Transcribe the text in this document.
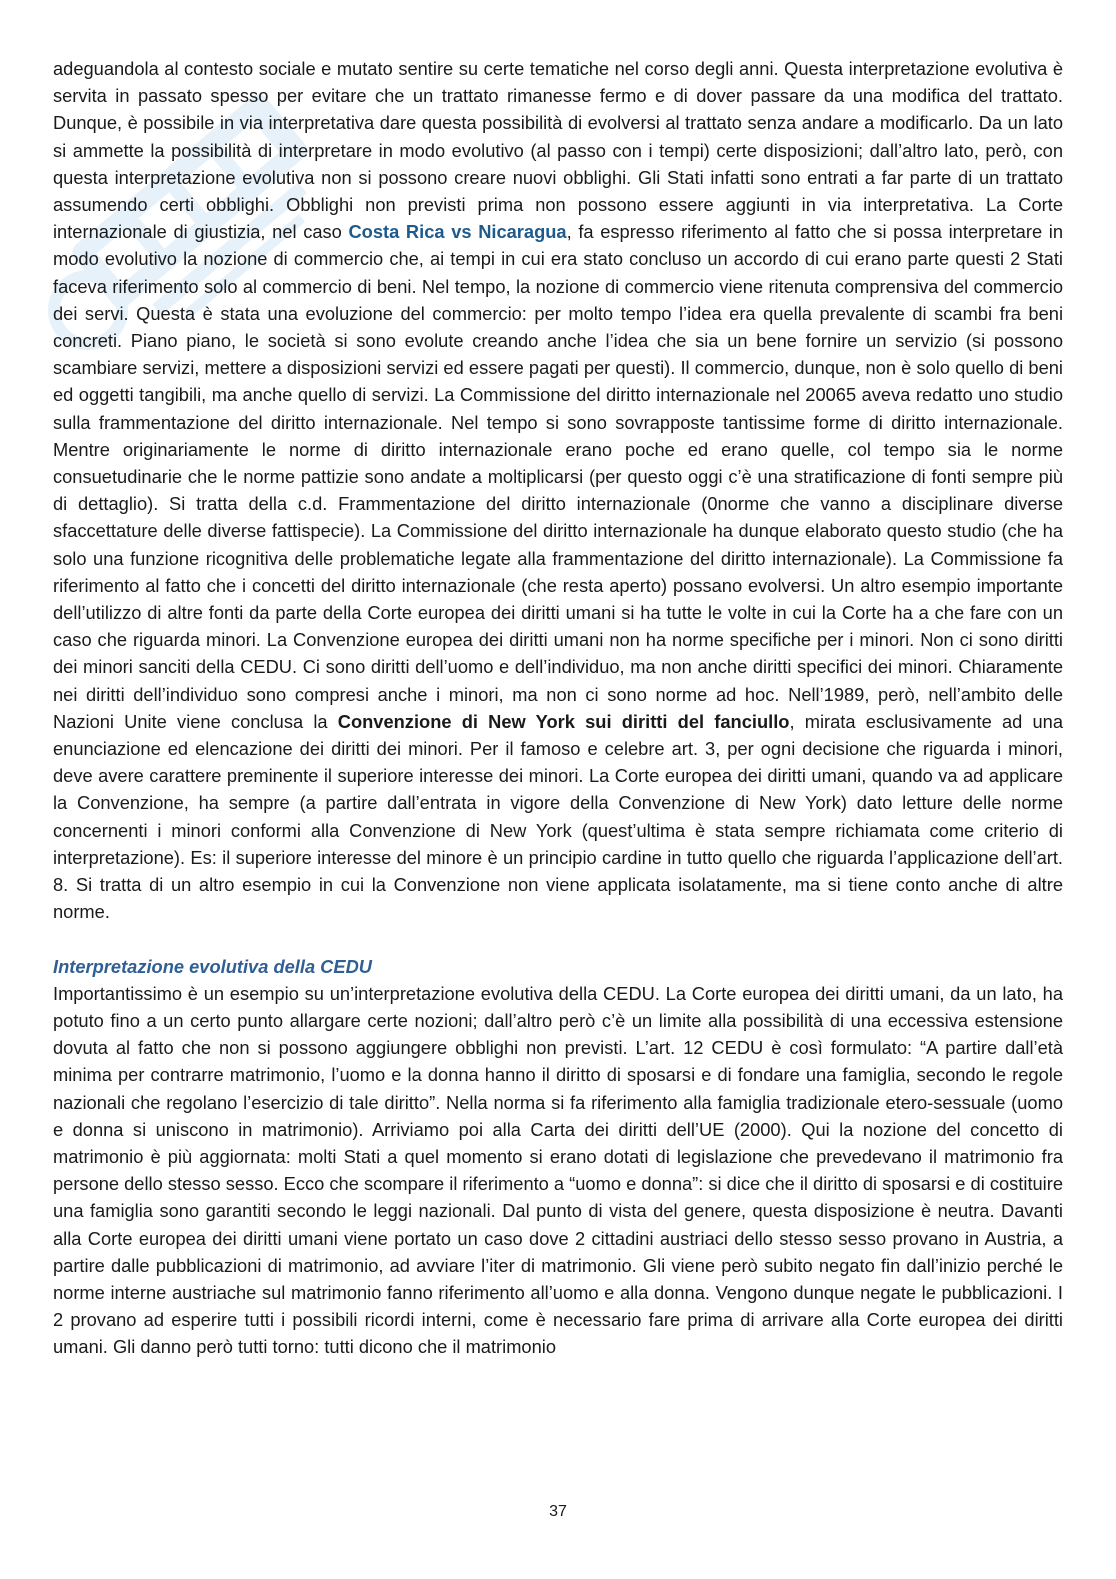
adeguandola al contesto sociale e mutato sentire su certe tematiche nel corso degli anni. Questa interpretazione evolutiva è servita in passato spesso per evitare che un trattato rimanesse fermo e di dover passare da una modifica del trattato. Dunque, è possibile in via interpretativa dare questa possibilità di evolversi al trattato senza andare a modificarlo. Da un lato si ammette la possibilità di interpretare in modo evolutivo (al passo con i tempi) certe disposizioni; dall’altro lato, però, con questa interpretazione evolutiva non si possono creare nuovi obblighi. Gli Stati infatti sono entrati a far parte di un trattato assumendo certi obblighi. Obblighi non previsti prima non possono essere aggiunti in via interpretativa. La Corte internazionale di giustizia, nel caso Costa Rica vs Nicaragua, fa espresso riferimento al fatto che si possa interpretare in modo evolutivo la nozione di commercio che, ai tempi in cui era stato concluso un accordo di cui erano parte questi 2 Stati faceva riferimento solo al commercio di beni. Nel tempo, la nozione di commercio viene ritenuta comprensiva del commercio dei servi. Questa è stata una evoluzione del commercio: per molto tempo l’idea era quella prevalente di scambi fra beni concreti. Piano piano, le società si sono evolute creando anche l’idea che sia un bene fornire un servizio (si possono scambiare servizi, mettere a disposizioni servizi ed essere pagati per questi). Il commercio, dunque, non è solo quello di beni ed oggetti tangibili, ma anche quello di servizi. La Commissione del diritto internazionale nel 20065 aveva redatto uno studio sulla frammentazione del diritto internazionale. Nel tempo si sono sovrapposte tantissime forme di diritto internazionale. Mentre originariamente le norme di diritto internazionale erano poche ed erano quelle, col tempo sia le norme consuetudinarie che le norme pattizie sono andate a moltiplicarsi (per questo oggi c’è una stratificazione di fonti sempre più di dettaglio). Si tratta della c.d. Frammentazione del diritto internazionale (0norme che vanno a disciplinare diverse sfaccettature delle diverse fattispecie). La Commissione del diritto internazionale ha dunque elaborato questo studio (che ha solo una funzione ricognitiva delle problematiche legate alla frammentazione del diritto internazionale). La Commissione fa riferimento al fatto che i concetti del diritto internazionale (che resta aperto) possano evolversi. Un altro esempio importante dell’utilizzo di altre fonti da parte della Corte europea dei diritti umani si ha tutte le volte in cui la Corte ha a che fare con un caso che riguarda minori. La Convenzione europea dei diritti umani non ha norme specifiche per i minori. Non ci sono diritti dei minori sanciti della CEDU. Ci sono diritti dell’uomo e dell’individuo, ma non anche diritti specifici dei minori. Chiaramente nei diritti dell’individuo sono compresi anche i minori, ma non ci sono norme ad hoc. Nell’1989, però, nell’ambito delle Nazioni Unite viene conclusa la Convenzione di New York sui diritti del fanciullo, mirata esclusivamente ad una enunciazione ed elencazione dei diritti dei minori. Per il famoso e celebre art. 3, per ogni decisione che riguarda i minori, deve avere carattere preminente il superiore interesse dei minori. La Corte europea dei diritti umani, quando va ad applicare la Convenzione, ha sempre (a partire dall’entrata in vigore della Convenzione di New York) dato letture delle norme concernenti i minori conformi alla Convenzione di New York (quest’ultima è stata sempre richiamata come criterio di interpretazione). Es: il superiore interesse del minore è un principio cardine in tutto quello che riguarda l’applicazione dell’art. 8. Si tratta di un altro esempio in cui la Convenzione non viene applicata isolatamente, ma si tiene conto anche di altre norme.

Interpretazione evolutiva della CEDU

Importantissimo è un esempio su un’interpretazione evolutiva della CEDU. La Corte europea dei diritti umani, da un lato, ha potuto fino a un certo punto allargare certe nozioni; dall’altro però c’è un limite alla possibilità di una eccessiva estensione dovuta al fatto che non si possono aggiungere obblighi non previsti. L’art. 12 CEDU è così formulato: “A partire dall’età minima per contrarre matrimonio, l’uomo e la donna hanno il diritto di sposarsi e di fondare una famiglia, secondo le regole nazionali che regolano l’esercizio di tale diritto”. Nella norma si fa riferimento alla famiglia tradizionale etero-sessuale (uomo e donna si uniscono in matrimonio). Arriviamo poi alla Carta dei diritti dell’UE (2000). Qui la nozione del concetto di matrimonio è più aggiornata: molti Stati a quel momento si erano dotati di legislazione che prevedevano il matrimonio fra persone dello stesso sesso. Ecco che scompare il riferimento a “uomo e donna”: si dice che il diritto di sposarsi e di costituire una famiglia sono garantiti secondo le leggi nazionali. Dal punto di vista del genere, questa disposizione è neutra. Davanti alla Corte europea dei diritti umani viene portato un caso dove 2 cittadini austriaci dello stesso sesso provano in Austria, a partire dalle pubblicazioni di matrimonio, ad avviare l’iter di matrimonio. Gli viene però subito negato fin dall’inizio perché le norme interne austriache sul matrimonio fanno riferimento all’uomo e alla donna. Vengono dunque negate le pubblicazioni. I 2 provano ad esperire tutti i possibili ricordi interni, come è necessario fare prima di arrivare alla Corte europea dei diritti umani. Gli danno però tutti torno: tutti dicono che il matrimonio

37
